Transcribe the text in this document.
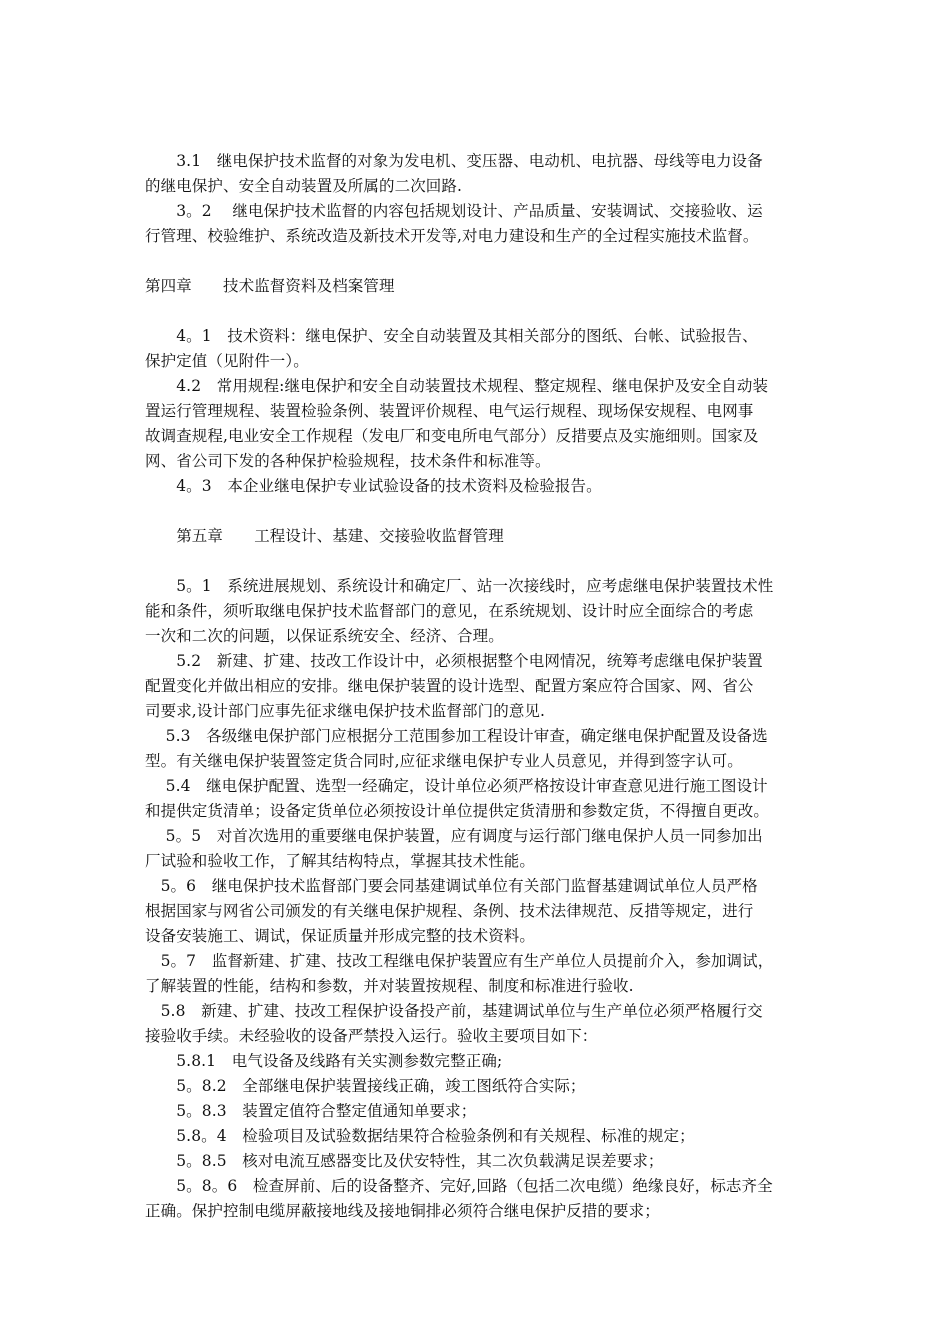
　　3.1　继电保护技术监督的对象为发电机、变压器、电动机、电抗器、母线等电力设备
的继电保护、安全自动装置及所属的二次回路.
　　3。2　 继电保护技术监督的内容包括规划设计、产品质量、安装调试、交接验收、运
行管理、校验维护、系统改造及新技术开发等,对电力建设和生产的全过程实施技术监督。
第四章　　技术监督资料及档案管理
　　4。1　技术资料：继电保护、安全自动装置及其相关部分的图纸、台帐、试验报告、
保护定值（见附件一）。
　　4.2　常用规程:继电保护和安全自动装置技术规程、整定规程、继电保护及安全自动装
置运行管理规程、装置检验条例、装置评价规程、电气运行规程、现场保安规程、电网事
故调查规程,电业安全工作规程（发电厂和变电所电气部分）反措要点及实施细则。国家及
网、省公司下发的各种保护检验规程，技术条件和标准等。
　　4。3　本企业继电保护专业试验设备的技术资料及检验报告。
　　第五章　　工程设计、基建、交接验收监督管理
　　5。1　系统进展规划、系统设计和确定厂、站一次接线时，应考虑继电保护装置技术性
能和条件，须听取继电保护技术监督部门的意见，在系统规划、设计时应全面综合的考虑
一次和二次的问题，以保证系统安全、经济、合理。
　　5.2　新建、扩建、技改工作设计中，必须根据整个电网情况，统筹考虑继电保护装置
配置变化并做出相应的安排。继电保护装置的设计选型、配置方案应符合国家、网、省公
司要求,设计部门应事先征求继电保护技术监督部门的意见.
　 5.3　各级继电保护部门应根据分工范围参加工程设计审查，确定继电保护配置及设备选
型。有关继电保护装置签定货合同时,应征求继电保护专业人员意见，并得到签字认可。
　 5.4　继电保护配置、选型一经确定，设计单位必须严格按设计审查意见进行施工图设计
和提供定货清单；设备定货单位必须按设计单位提供定货清册和参数定货，不得擅自更改。
　 5。5　对首次选用的重要继电保护装置，应有调度与运行部门继电保护人员一同参加出
厂试验和验收工作，了解其结构特点，掌握其技术性能。
　5。6　继电保护技术监督部门要会同基建调试单位有关部门监督基建调试单位人员严格
根据国家与网省公司颁发的有关继电保护规程、条例、技术法律规范、反措等规定，进行
设备安装施工、调试，保证质量并形成完整的技术资料。
　5。7　监督新建、扩建、技改工程继电保护装置应有生产单位人员提前介入，参加调试，
了解装置的性能，结构和参数，并对装置按规程、制度和标准进行验收.
　5.8　新建、扩建、技改工程保护设备投产前，基建调试单位与生产单位必须严格履行交
接验收手续。未经验收的设备严禁投入运行。验收主要项目如下：
　　5.8.1　电气设备及线路有关实测参数完整正确;
　　5。8.2　全部继电保护装置接线正确，竣工图纸符合实际；
　　5。8.3　装置定值符合整定值通知单要求；
　　5.8。4　检验项目及试验数据结果符合检验条例和有关规程、标准的规定；
　　5。8.5　核对电流互感器变比及伏安特性，其二次负载满足误差要求；
　　5。8。6　检查屏前、后的设备整齐、完好,回路（包括二次电缆）绝缘良好，标志齐全
正确。保护控制电缆屏蔽接地线及接地铜排必须符合继电保护反措的要求；
